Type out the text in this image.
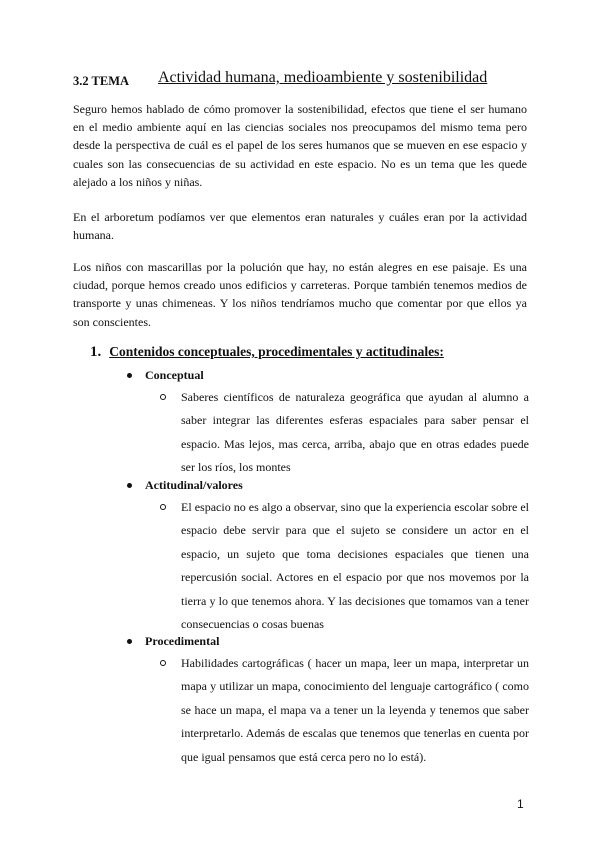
3.2 TEMA Actividad humana, medioambiente y sostenibilidad

Seguro hemos hablado de cómo promover la sostenibilidad, efectos que tiene el ser humano en el medio ambiente aquí en las ciencias sociales nos preocupamos del mismo tema pero desde la perspectiva de cuál es el papel de los seres humanos que se mueven en ese espacio y cuales son las consecuencias de su actividad en este espacio. No es un tema que les quede alejado a los niños y niñas.

En el arboretum podíamos ver que elementos eran naturales y cuáles eran por la actividad humana.

Los niños con mascarillas por la polución que hay, no están alegres en ese paisaje. Es una ciudad, porque hemos creado unos edificios y carreteras. Porque también tenemos medios de transporte y unas chimeneas. Y los niños tendríamos mucho que comentar por que ellos ya son conscientes.

1. Contenidos conceptuales, procedimentales y actitudinales:
Conceptual

Saberes científicos de naturaleza geográfica que ayudan al alumno a saber integrar las diferentes esferas espaciales para saber pensar el espacio. Mas lejos, mas cerca, arriba, abajo que en otras edades puede ser los ríos, los montes

Actitudinal/valores

El espacio no es algo a observar, sino que la experiencia escolar sobre el espacio debe servir para que el sujeto se considere un actor en el espacio, un sujeto que toma decisiones espaciales que tienen una repercusión social. Actores en el espacio por que nos movemos por la tierra y lo que tenemos ahora. Y las decisiones que tomamos van a tener consecuencias o cosas buenas

Procedimental

Habilidades cartográficas ( hacer un mapa, leer un mapa, interpretar un mapa y utilizar un mapa, conocimiento del lenguaje cartográfico ( como se hace un mapa, el mapa va a tener un la leyenda y tenemos que saber interpretarlo. Además de escalas que tenemos que tenerlas en cuenta por que igual pensamos que está cerca pero no lo está).

1
